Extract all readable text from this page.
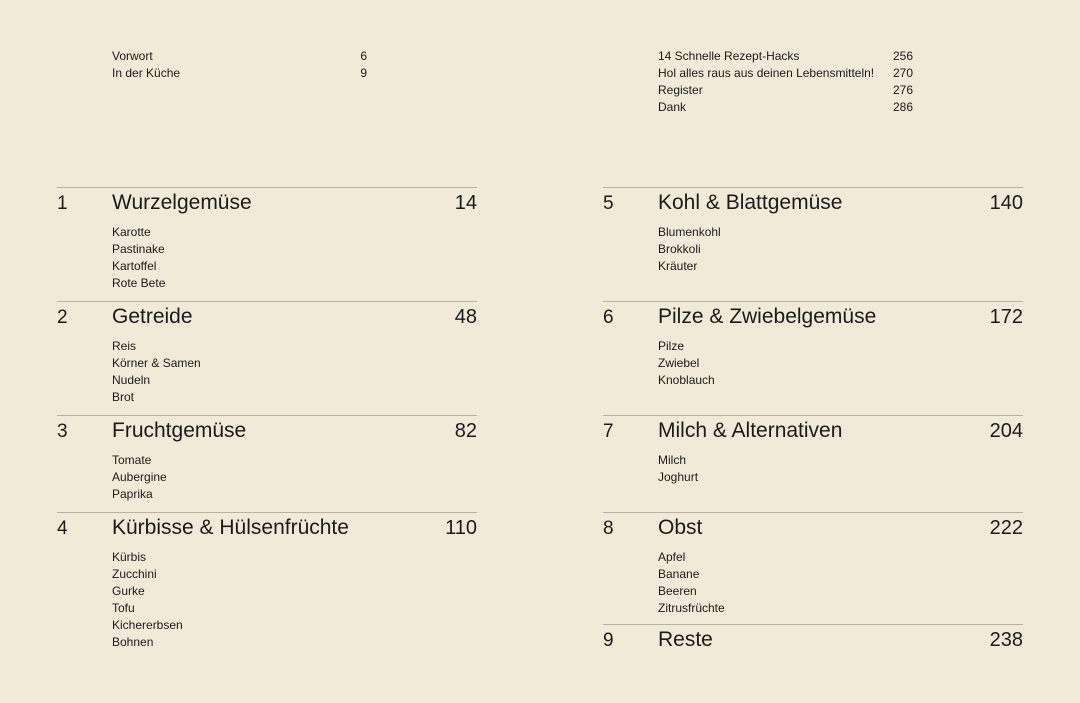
Vorwort	6
In der Küche	9
14 Schnelle Rezept-Hacks	256
Hol alles raus aus deinen Lebensmitteln! 270
Register	276
Dank	286
1	Wurzelgemüse	14
Karotte
Pastinake
Kartoffel
Rote Bete
2	Getreide	48
Reis
Körner & Samen
Nudeln
Brot
3	Fruchtgemüse	82
Tomate
Aubergine
Paprika
4	Kürbisse & Hülsenfrüchte	110
Kürbis
Zucchini
Gurke
Tofu
Kichererbsen
Bohnen
5	Kohl & Blattgemüse	140
Blumenkohl
Brokkoli
Kräuter
6	Pilze & Zwiebelgemüse	172
Pilze
Zwiebel
Knoblauch
7	Milch & Alternativen	204
Milch
Joghurt
8	Obst	222
Apfel
Banane
Beeren
Zitrusfrüchte
9	Reste	238
